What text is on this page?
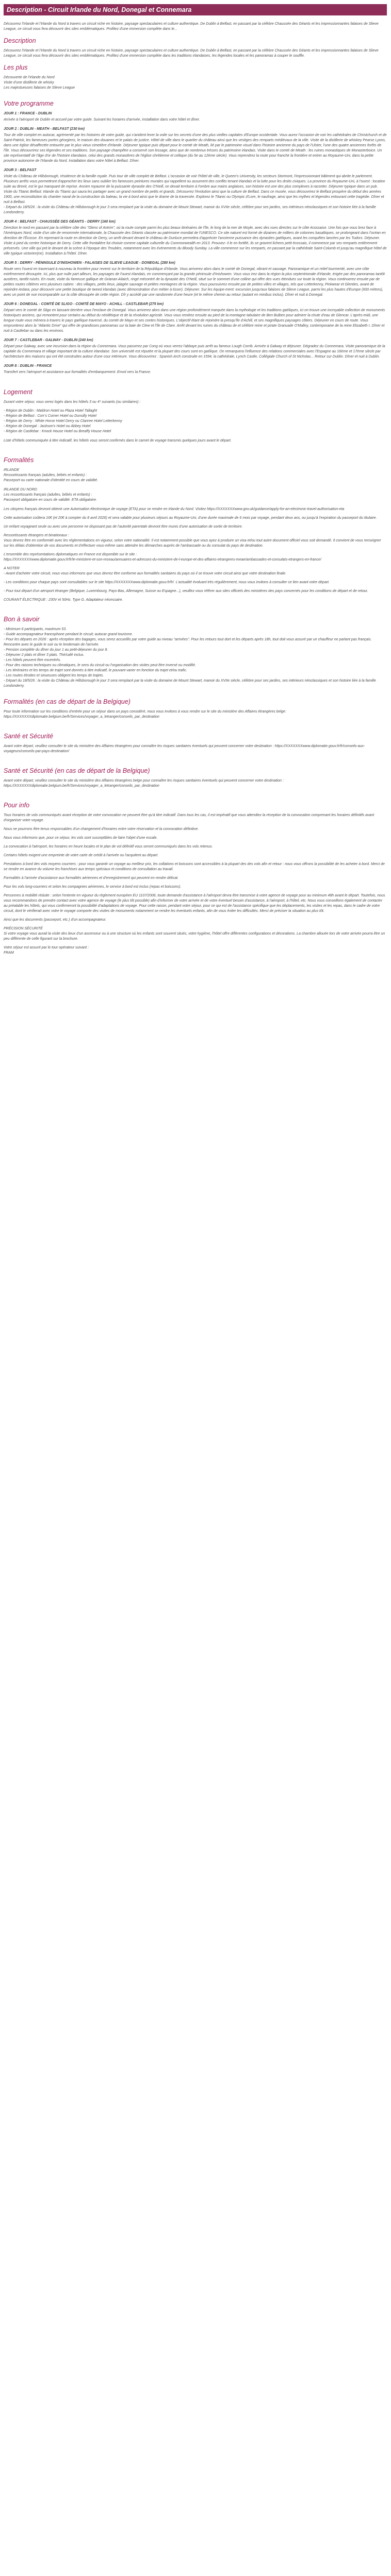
Description - Circuit Irlande du Nord, Donegal et Connemara

Découvrez l'Irlande et l'Irlande du Nord à travers un circuit riche en histoire, paysage spectaculaires et culture authentique. De Dublin à Belfast, en passant par la célèbre Chaussée des Géants et les impressionnantes falaises de Slieve League, ce circuit vous fera découvrir des sites emblématiques. Profitez d'une immersion complète dans le...

Description

Découvrez l'Irlande et l'Irlande du Nord à travers un circuit riche en histoire, paysage spectaculaires et culture authentique. De Dublin à Belfast, en passant par la célèbre Chaussée des Géants et les impressionnantes falaises de Slieve League, ce circuit vous fera découvrir des sites emblématiques. Profitez d'une immersion complète dans les traditions irlandaises, les légendes locales et les panoramas à couper le souffle.

Les plus

Découverte de l'Irlande du Nord

Visite d'une distillerie de whisky

Les majestueuses falaises de Slieve League

Votre programme
JOUR 1 : FRANCE - DUBLIN

Arrivée à l'aéroport de Dublin et accueil par votre guide. Suivant les horaires d'arrivée, installation dans votre hôtel et dîner.

JOUR 2 : DUBLIN - MEATH - BELFAST (230 km)

Tour de ville complet en autocar, agrémenté par les histoires de votre guide, qui s'anident lever la voile sur les secrets d'une des plus vieilles capitales d'Europe occidentale. Vous aurez l'occasion de voir les cathédrales de Christchurch et de Saint-Patrick, les fameuses portes géorgiens, le maison des douanes et le palais de justice. Hôtel de ville dans le quartier du château ainsi que les vestiges des remparts médiévaux de la ville. Visite de la distillerie de whiskey Pearse Lyons, dans une église désaffectée entourée par le plus vieux cimetière d'Irlande. Déjeuner typique puis départ pour le comté de Meath, lié par le patrimoine visuel dans l'histoire ancienne du pays de l'Ulster, l'une des quatre anciennes forêts de l'île. Vous découvrirez ses légendes et ses traditions. Son paysage champêtre a conservé son lessage, ainsi que de nombreux trésors du patrimoine irlandais. Visite dans le comté de Meath : les ruines monastiques de Monasterboice. Un site représentatif de l'âge d'or de l'histoire irlandaise, celui des grands monastères de l'église chrétienne et celtique (du 5e au 12ème siècle). Vous reprendrez la route pour franchir la frontière et entrer au Royaume-Uni, dans la petite province autonome de l'Irlande du Nord. Installation dans votre hôtel à Belfast. Dîner.

JOUR 3 : BELFAST

Visite du Château de Hillsborough, résidence de la famille royale. Puis tour de ville complet de Belfast. L'occasion de voir l'hôtel de ville, le Queen's University, les secteurs Stormont, l'impressionnant bâtiment qui abrite le parlement. Plusieurs arrêts vous permettront d'approcher les lieux sans oublier les fameuses peintures murales qui rappellent ou assument des conflits tenant irlandais et la lutte pour les droits civiques. La province du Royaume-Uni, à l'ouest : location suite au Brexit, est le gui manquant de reprise. Ancien royaume de la puissante dynastie des O'Neill, on devait territoire à l'ombre aux mains anglaises, son histoire est une des plus complexes à raconter. Déjeuner typique dans un pub. Visite du Titanic Belfast: Irlande du Titanic qui saura les partager avec un grand nombre de petits et grands. Découvrez l'évolution ainsi que la culture de Belfast. Dans ce musée, vous découvrirez le Belfast prospère du début des années 1900, une reconstitution du chantier naval de la construction du bateau, la vie à bord ainsi que le drame de la traversée. Explorez le Titanic ou Olympic d'Lore, le naufrage, ainsi que les mythes et légendes entourant cette tragédie. Dîner et nuit à Belfast.
- Départ du 18/5/26 : la visite du Château de Hillsborough le jour 3 sera remplacé par la visite du domaine de Mount Stewart, manoir du XVIIe siècle, célèbre pour ses jardins, ses intérieurs néoclassiques et son histoire liée à la famille Londonderry.

JOUR 4 : BELFAST - CHAUSSÉE DES GÉANTS - DERRY (160 km)

Direction le nord en passant par la célèbre côte des "Glens of Antrim", où la route compte parmi les plus beaux itinéraires de l'île, le long de la mer de Moyle, avec des vues directes sur le côte écossaise. Une fois que vous brez face à l'Amériques Nord, visite d'un site de renommée internationale, la Chaussée des Géants classée au patrimoine mondial de l'UNESCO. Ce site naturel est formé de dizaines de milliers de colonnes basaltiques, se prolongeant dans l'océan en direction de l'Écosse. En reprenant la route en direction de Derry, un arrêt devant devant le château de Dunluce permettra d'apprécier l'ancienne puissance des dynasties gaéliques, avant les conquêtes lancées par les Tudors. Déjeuner. Visite à pied du centre historique de Derry. Cette ville frontalière fut choisie comme capitale culturelle du Commonwealth en 2013. Prouvez- il le en fortifié, ils se gravent lichens petit écossais, il commence par ses remparts entièrement préservés. Une ville qui prit le devant de la scène à l'époque des Troubles, notamment avec les événements du Bloody Sunday. La ville commence sur les remparts, en passant par la cathédrale Saint-Columb et jusqu'au magnifique hôtel de ville typique victorien(ne). Installation à l'hôtel. Dîner.

JOUR 5 : DERRY - PÉNINSULE D'INISHOWEN - FALAISES DE SLIEVE LEAGUE - DONEGAL (280 km)

Route vers l'ouest en traversant à nouveau la frontière pour revenir sur le territoire de la République d'Irlande. Vous arriverez alors dans le comté de Donegal, vibrant et sauvage. Panoramique et un relief tourmenté, avec une côte extrêmement découpée. Ici, plus que nulle part ailleurs, les paysages de l'ouest irlandais, en commençant par la grande péninsule d'Inishowen. Vous vous irez dans la région la plus septentrionale d'Irlande, érigée par des panoramas tantôt austères, tantôt ruisés. En route, visite du fameuse gallique de Grianan Ailaich, ringé mécontré de la dynastie des O'Neill, situé sur le sommet d'une colline qui offre des vues étendues sur toute la région. Vous continuerez ensuite par de petites routes côtières vers plusieurs cabins : des villages, petits lieux, jalagée sauvage et petites montagnes de la région. Vous poursuivrez ensuite par de petites villes et villages, tels que Letterkenny, Pinkwear et Glenties, avant de rejoindre Ardara, pour découvrir une petite boutique de tweed irlandais (avec démonstration d'un métier à tisser). Déjeuner. Sur les équipe-ment: excursion jusqu'aux falaises de Slieve League, parmi les plus hautes d'Europe (600 mètres), avec un point de vue incomparable sur la côte découpée de cette région. Dîr y accédé par une randonnée d'une heure (et le même chemin au retour (autant en minibus inclus). Dîner et nuit à Donegal.

JOUR 6 : DONEGAL - COMTÉ DE SLIGO - COMTÉ DE MAYO - ACHILL - CASTLEBAR (275 km)

Départ vers le comté de Sligo en laissant derrière vous l'enclave de Donegal. Vous arriverez alors dans une région profondément marquée dans la mythologie et les traditions gaéliques, ici on trouve une incroyable collection de monuments historiques anciens, qui remontent pour certains au début du néolithique et de la révolution agricole. Vous vous rendrez ensuite au pied de la montagne tabulaire de Ben Bulben pour admirer la chute d'eau de Glencar. L'après-midi, une longue route vous mènera à travers le pays gaélique traversé, du comté de Mayo et ses contes historiques. L'objectif étant de rejoindre la presqu'île d'Achill, et ses magnifiques paysages côtiers. Déjeuner en cours de route. Vous emprunterez alors la "Atlantic Drive" qui offre de grandioses panoramas sur la baie de Clew et l'île de Clare. Arrêt devant les ruines du château de et célèbre reine et pirate Granuaile O'Malley, contemporaine de la reine Elizabeth I. Dîner et nuit à Castlebar ou dans les environs.

JOUR 7 : CASTLEBAR - GALWAY - DUBLIN (240 km)

Départ pour Galway, avec une incursion dans la région du Connemara. Vous passerez par Cong où vous verrez l'abbaye puis arrêt au fameux Lough Corrib. Arrivée à Galway et déjeuner. Dégradez du Connemara. Visite panoramique de la capitale du Connemara et village important de la culture irlandaise. Son université est réputée et la plupart des cours sont en gaélique. On remarquera l'influence des relations commerciales avec l'Espagne au 16ème et 17ème siècle par l'architecture des maisons qui ont été construites autour d'une cour intérieure. Vous découvrirez : Spanish Arch construite en 1594, la cathédrale, Lynch Castle, Collégiale Church of St Nicholas... Retour sur Dublin. Dîner et nuit à Dublin.

JOUR 8 : DUBLIN - FRANCE

Transfert vers l'aéroport et assistance aux formalités d'embarquement. Envol vers la France.

Logement

Durant votre séjour, vous serez logés dans les hôtels 3 ou 4* suivants (ou similaires) :

- Région de Dublin : Maldron Hotel ou Plaza Hotel Tallaght

- Région de Belfast : Corr's Corner Hotel ou Dunsilly Hotel

- Région de Derry : White Horse Hotel Derry ou Clanree Hotel Letterkenny

- Région de Donegal : Jackson's Hotel ou Abbey Hotel

- Région de Castlebar : Knock House Hotel ou Breaffy House Hotel

Liste d'hôtels communiquée à titre indicatif, les hôtels vous seront confirmés dans le carnet de voyage transmis quelques jours avant le départ.

Formalités

IRLANDE

Ressortissants français (adultes, bébés et enfants) :

Passeport ou carte nationale d'identité en cours de validité.

IRLANDE DU NORD

Les ressortissants français (adultes, bébés et enfants) :

Passeport obligatoire en cours de validité. ETA obligatoire.

Les citoyens français devront obtenir une Autorisation électronique de voyage (ETA) pour se rendre en Irlande du Nord. Visitez https://XXXXXXXwww.gov.uk/guidance/apply-for-an-electronic-travel-authorisation-eta

Cette autorisation coûtera 16€ (et 20€ à compter du 8 avril 2026) et sera valable pour plusieurs séjours au Royaume-Uni, d'une durée maximale de 6 mois par voyage, pendant deux ans, ou jusqu'à l'expiration du passeport du titulaire.

Un enfant voyageant seule ou avec une personne ne disposant pas de l'autorité parentale devront être munis d'une autorisation de sortie de territoire.

Ressortissants étrangers et binationaux :

Vous devrez être en conformité avec les réglementations en vigueur, selon votre nationalité. Il est notamment possible que vous ayez à produire un visa et/ou tout autre document officiel vous soit demandé. Il convient de vous renseigner sur les délais d'obtention de vos documents et d'effectuer vous-même sans attendre les démarches auprès de l'ambassade ou du consulat du pays de destination.

L'ensemble des représentations diplomatiques en France est disponible sur le site :

https://XXXXXXXwww.diplomatie.gouv.fr/fr/le-ministere-et-son-reseau/annuaires-et-adresses-du-ministere-de-l-europe-et-des-affaires-etrangeres-meae/ambassades-et-consulats-etrangers-en-france/

A NOTER

- Avant d'acheter votre circuit, nous vous informons que vous devrez être conforme aux formalités sanitaires du pays où il se trouve votre circuit ainsi que votre destination finale.

- Les conditions pour chaque pays sont consultables sur le site https://XXXXXXXwww.diplomatie.gouv.fr/fr/. L'actualité évoluant très régulièrement, nous vous invitons à consulter ce lien avant votre départ.

- Pour tout départ d'un aéroport étranger (Belgique, Luxembourg, Pays-Bas, Allemagne, Suisse ou Espagne...), veuillez vous référer aux sites officiels des ministères des pays concernés pour les conditions de départ et de retour.

COURANT ÉLECTRIQUE : 230V et 50Hz. Type G. Adaptateur nécessaire.

Bon à savoir

- Minimum 6 participants, maximum 53.

- Guide accompagnateur francophone pendant le circuit; autocar grand tourisme.

- Pour les départs en 2026 : après réception des bagages, vous serez accueillis par votre guide au niveau "arrivées". Pour les retours tout dort et les départs après 18h, tout doit vous assuré par un chauffeur ne parlant pas français.

Rencontre avec le guide le soir ou le lendemain de l'arrivée.

- Pension complète du dîner du jour 1 au petit-déjeuner du jour 8.

- Déjeuner 2 plats et dîner 3 plats. Thé/café inclus.

- Les hôtels peuvent être excentrés.

- Pour des raisons techniques ou climatiques, le sens du circuit ou l'organisation des visites peut être inversé ou modifié.

- Les itinéraires et les temps de trajet sont donnés à titre indicatif, le pouvant varier en fonction du trajet et/ou trafic.

- Les routes étroites et sinueuses obligent les temps de trajets.

- Départ du 18/5/26 : la visite du Château de Hillsborough le jour 3 sera remplacé par la visite du domaine de Mount Stewart, manoir du XVIIe siècle, célèbre pour ses jardins, ses intérieurs néoclassiques et son histoire liée à la famille Londonderry.

Formalités (en cas de départ de la Belgique)

Pour toute information sur les conditions d'entrée pour un séjour dans un pays considéré, nous vous invitons à vous rendre sur le site du ministère des Affaires étrangères belge: https://XXXXXXXdiplomatie.belgium.be/fr/Services/voyager_a_letranger/conseils_par_destination

Santé et Sécurité

Avant votre départ, veuillez consulter le site du ministère des Affaires étrangères pour connaître les risques sanitaires éventuels qui peuvent concerner votre destination : https://XXXXXXXwww.diplomatie.gouv.fr/fr/conseils-aux-voyageurs/conseils-par-pays-destination/

Santé et Sécurité (en cas de départ de la Belgique)

Avant votre départ, veuillez consulter le site du ministère des Affaires étrangères belge pour connaître les risques sanitaires éventuels qui peuvent concerner votre destination : https://XXXXXXXdiplomatie.belgium.be/fr/Services/voyager_a_letranger/conseils_par_destination

Pour info

Tous horaires de vols communiqués avant réception de votre convocation ne peuvent être qu'à titre indicatif. Dans tous les cas, il est impératif que vous attendiez la réception de la convocation comprenant les horaires définitifs avant d'organiser votre voyage.

Nous ne pourrons être tenus responsables d'un changement d'horaires entre votre réservation et la convocation définitive.

Nous vous informons que, pour ce séjour, les vols sont susceptibles de faire l'objet d'une escale.

La convocation à l'aéroport, les horaires en heure locales et le plan de vol définitif vous seront communiqués dans les vols retenus.

Certains hôtels exigent une empreinte de votre carte de crédit à l'arrivée ou l'acquitent au départ.

Prestations à bord des vols moyens courriers : pour vous garantir un voyage au meilleur prix, les collations et boissons sont accessibles à la plupart des des vols afin et retour : nous vous offrons la possibilité de les acheter à bord. Merci de se rendre en avance du volume les franchises aux temps spéciaux et conditions de consultation au travail.

Formalités à l'arrivée d'assistance aux formalités aériennes et d'enregistrement qui peuvent en rendre délicat.

Pour les vols long-courriers et selon les compagnies aériennes, le service à bord est inclus (repas et boissons).

Personnes à mobilité réduite : selon l'entente en vigueur du règlement européen EU 1107/2006, toute demande d'assistance à l'aéroport devra être transmise à votre agence de voyage pour au minimum 48h avant le départ. Toutefois, nous vous recommandons de prendre contact avec votre agence de voyage (le plus tôt possible) afin d'informer de votre arrivée et de votre éventuel besoin d'assistance, à l'aéroport, à l'hôtel, etc. Nous vous conseillons également de contacter au préalable les hôtels, qui vous confirmeront la possibilité d'adaptations de voyage. Pour cette raison, pendant votre séjour, pour ce qui est de l'assistance spécifique que les déplacements, les visites et les repas, dans le cadre de votre circuit, dont le vérifierait avec votre le voyage comporte des visites de monuments notamment se rendre les éventuels enfants, afin de vous éviter les difficultés. Merci de préciser la situation au plus tôt.

Ainsi que les documents (passeport, etc.) d'un accompagnateur.

PRÉCISION SÉCURITÉ

Si votre voyage vous aurait la visite des lieux d'un ascenseur ou à une structure où les enfants sont souvent situés, votre hygiène, l'hôtel offre différentes configurations et décorations. La chambre allouée lors de votre arrivée pourra être un peu différente de celle figurant sur la brochure.

Votre séjour est assuré par le tour opérateur suivant :

FRAM
